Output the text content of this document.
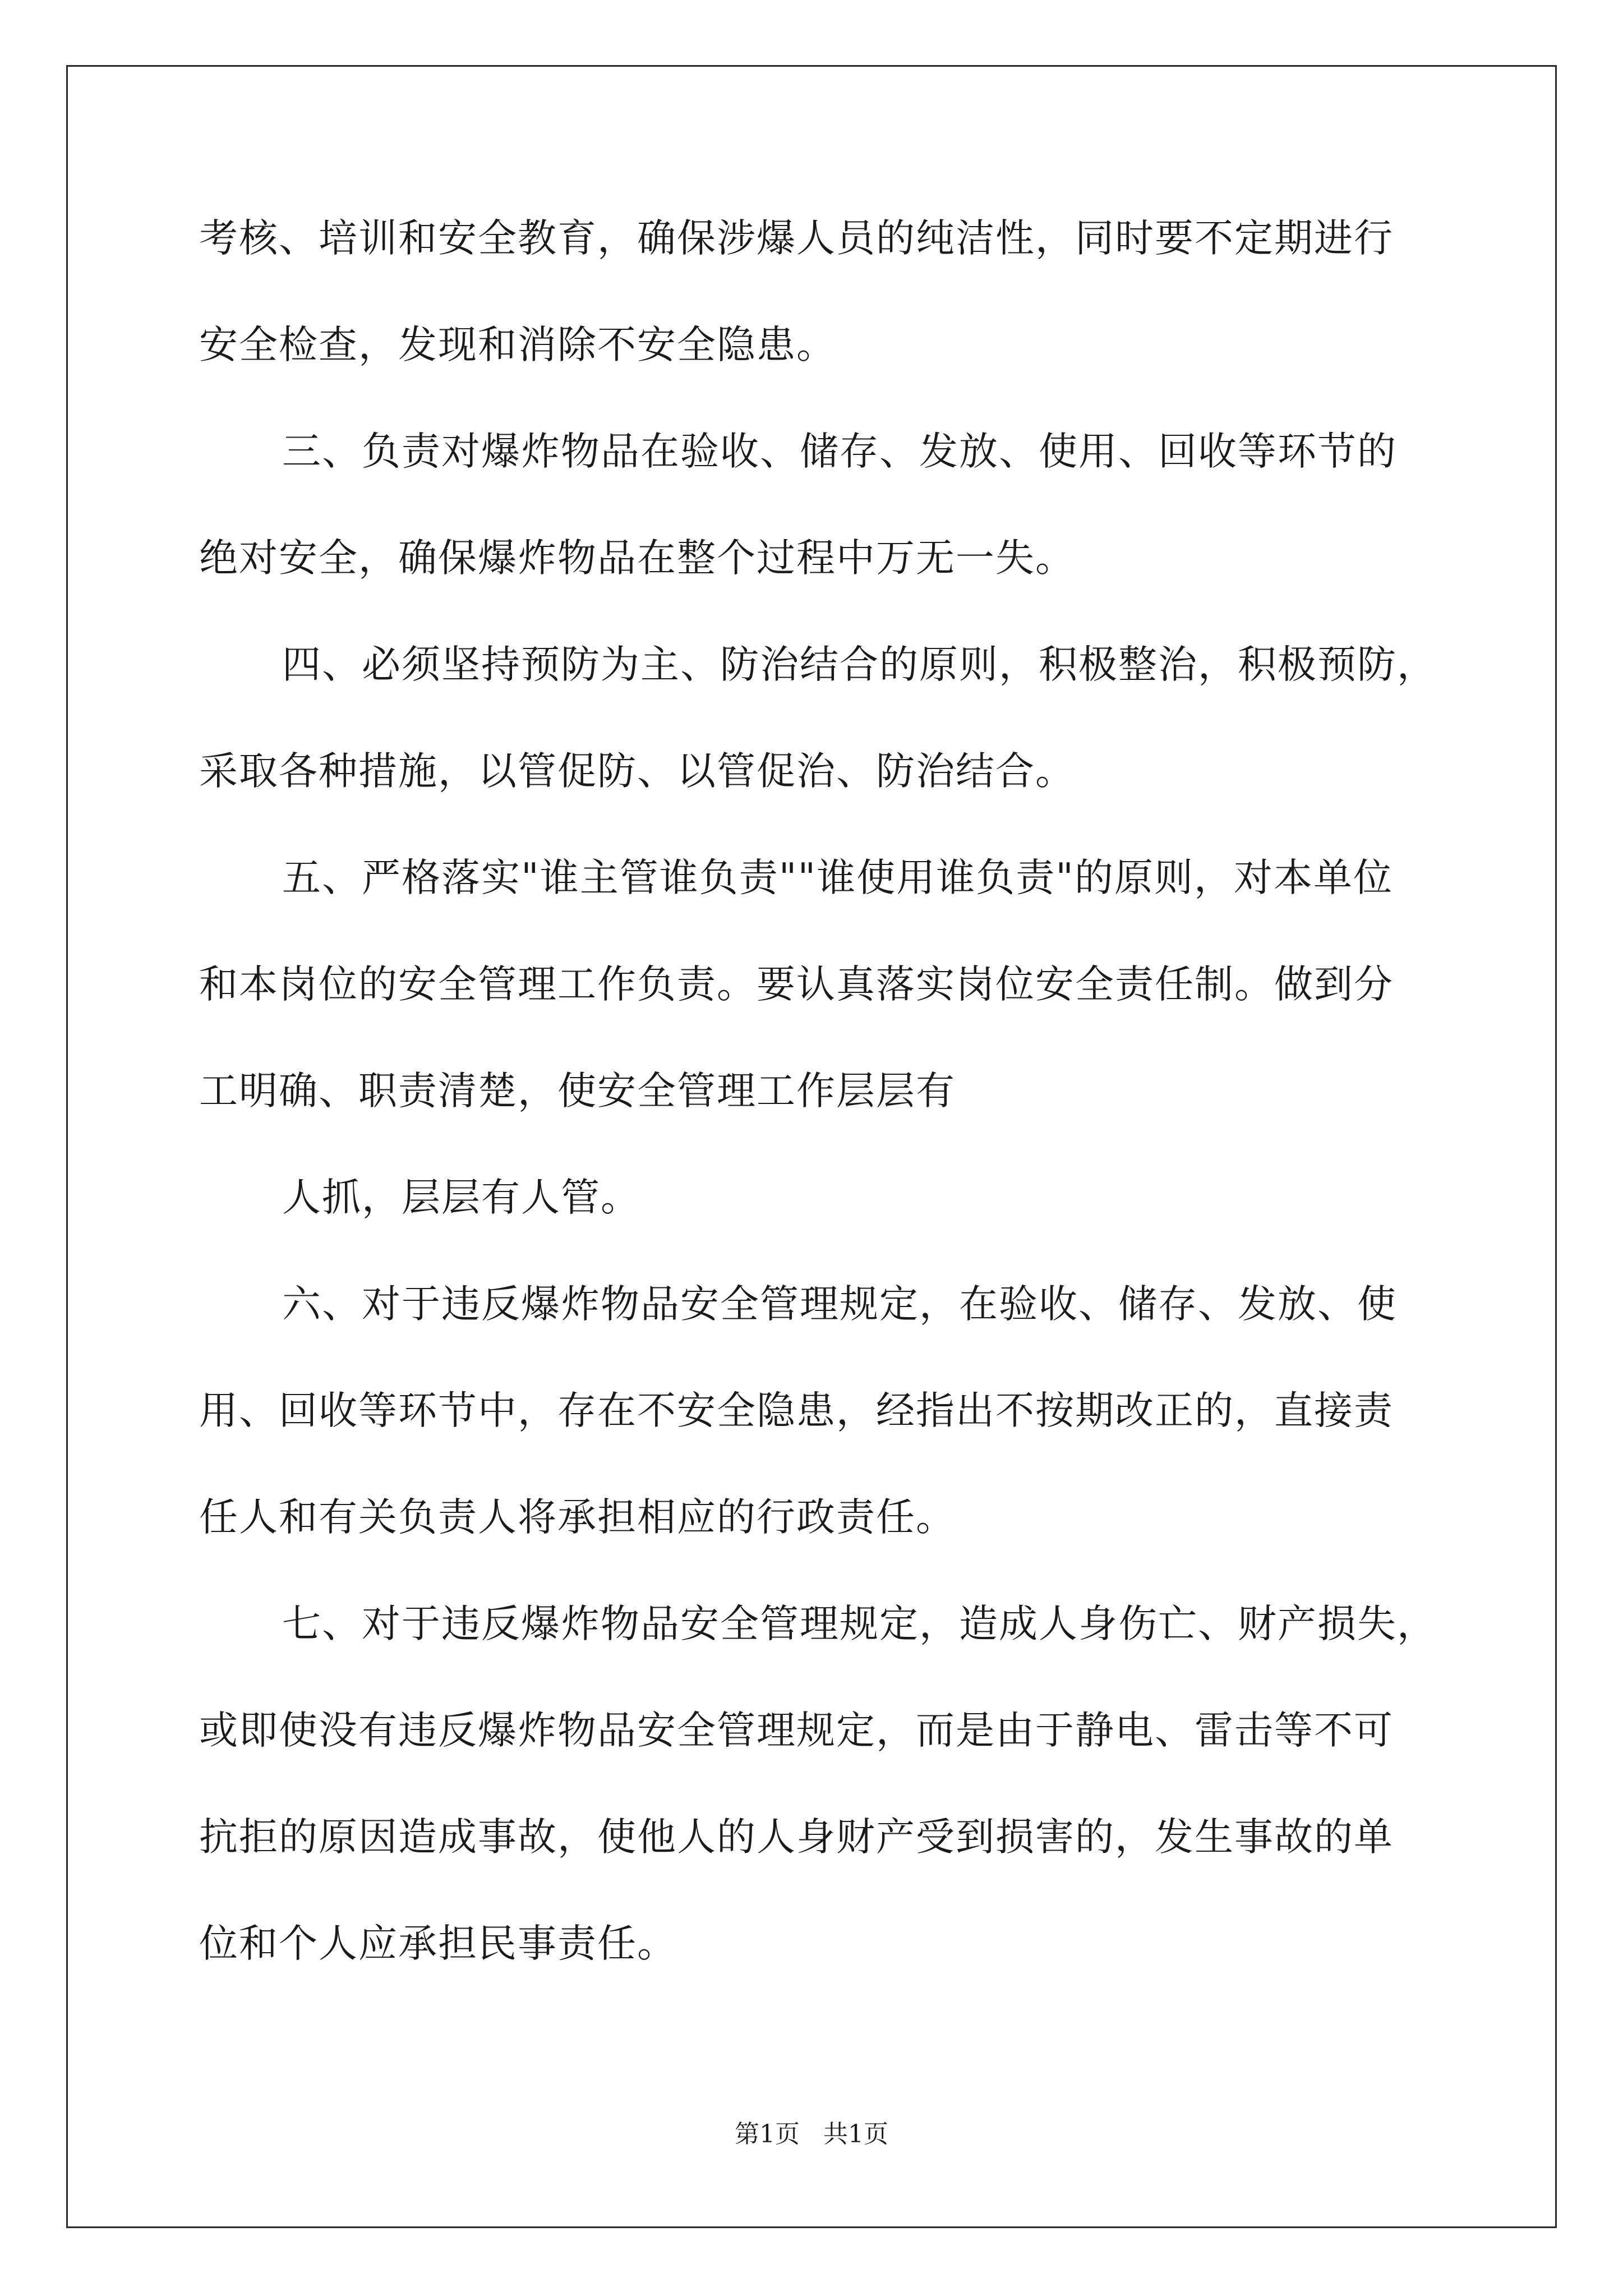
考核、培训和安全教育，确保涉爆人员的纯洁性，同时要不定期进行

安全检查，发现和消除不安全隐患。

三、负责对爆炸物品在验收、储存、发放、使用、回收等环节的

绝对安全，确保爆炸物品在整个过程中万无一失。

四、必须坚持预防为主、防治结合的原则，积极整治，积极预防，

采取各种措施，以管促防、以管促治、防治结合。

五、严格落实"谁主管谁负责""谁使用谁负责"的原则，对本单位

和本岗位的安全管理工作负责。要认真落实岗位安全责任制。做到分

工明确、职责清楚，使安全管理工作层层有

人抓，层层有人管。

六、对于违反爆炸物品安全管理规定，在验收、储存、发放、使

用、回收等环节中，存在不安全隐患，经指出不按期改正的，直接责

任人和有关负责人将承担相应的行政责任。

七、对于违反爆炸物品安全管理规定，造成人身伤亡、财产损失，

或即使没有违反爆炸物品安全管理规定，而是由于静电、雷击等不可

抗拒的原因造成事故，使他人的人身财产受到损害的，发生事故的单

位和个人应承担民事责任。

第1页   共1页
